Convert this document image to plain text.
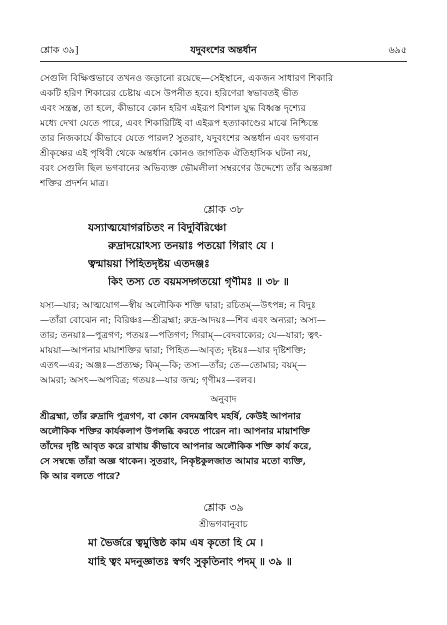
শ্লোক ৩৯]	যদুবংশের অন্তর্ধান	৬৯৫
সেগুলি বিক্ষিপ্তভাবে তখনও জড়ানো রয়েছে—সেইস্থানে, একজন সাধারণ শিকারি
একটি হরিণ শিকারের চেষ্টায় এসে উপনীত হবে। হরিণেরা স্বভাবতই ভীত
এবং সন্ত্রস্ত, তা হলে, কীভাবে কোন হরিণ এইরূপ বিশাল যুদ্ধ বিধ্বস্ত দৃশ্যের
মধ্যে দেখা যেতে পারে, এবং শিকারিটিই বা এইরূপ হত্যাকাণ্ডের মাঝে নিশ্চিন্তে
তার নিজকার্যে কীভাবে যেতে পারল? সুতরাং, যদুবংশের অন্তর্ধান এবং ভগবান
শ্রীকৃষ্ণের এই পৃথিবী থেকে অন্তর্ধান কোনও জাগতিক ঐতিহাসিক ঘটনা নয়,
বরং সেগুলি ছিল ভগবানের অভিব্যক্ত ভৌমলীলা সম্বরণের উদ্দেশ্যে তাঁর অন্তরঙ্গা
শক্তির প্রদর্শন মাত্র।
শ্লোক ৩৮
যস্যাত্মযোগরচিতং ন বিদুর্বিরিঞ্চো
রুদ্রাদয়োঽস্য তনয়াঃ পতয়ো গিরাং যে ।
ত্বন্মায়য়া পিহিতদৃষ্টয় এতদঞ্জঃ
কিং তস্য তে বয়মসদ্গতয়ো গৃণীমঃ ॥ ৩৮ ॥
যস্য—যার; আত্মযোগ—স্বীয় অলৌকিক শক্তি দ্বারা; রচিতম্—উৎপন্ন; ন বিদুঃ
—তাঁরা বোঝেন না; বিরিঞ্চঃ—শ্রীব্রহ্মা; রুদ্র-আদয়ঃ—শিব এবং অন্যরা; অস্য—
তার; তনয়াঃ—পুত্রগণ; পতয়ঃ—পতিগণ; গিরাম্—বেদবাক্যের; যে—যারা; ত্বৎ-
মায়য়া—আপনার মায়াশক্তির দ্বারা; পিহিত—আবৃত; দৃষ্টয়ঃ—যার দৃষ্টিশক্তি;
এতৎ—এর; অঞ্জঃ—প্রত্যক্ষ; কিম্—কি; তস্য—তাঁর; তে—তোমার; বয়ম্—
আমরা; অসৎ—অপবিত্র; গতয়ঃ—যার জন্ম; গৃণীমঃ—বলব।
অনুবাদ
শ্রীব্রহ্মা, তাঁর রুদ্রাদি পুত্রগণ, বা কোন বেদমন্ত্রবিৎ মহর্ষি, কেউই আপনার
অলৌকিক শক্তির কার্যকলাপ উপলব্ধি করতে পারেন না। আপনার মায়াশক্তি
তাঁদের দৃষ্টি আবৃত করে রাখায় কীভাবে আপনার অলৌকিক শক্তি কার্য করে,
সে সম্বন্ধে তাঁরা অজ্ঞ থাকেন। সুতরাং, নিকৃষ্টকুলজাত আমার মতো ব্যক্তি,
কি আর বলতে পারে?
শ্লোক ৩৯
শ্রীভগবানুবাচ
মা ভৈর্জরে ত্বমুত্তিষ্ঠ কাম এষ কৃতো হি মে ।
যাহি ত্বং মদনুজ্ঞাতঃ স্বর্গং সুকৃতিনাং পদম্ ॥ ৩৯ ॥
